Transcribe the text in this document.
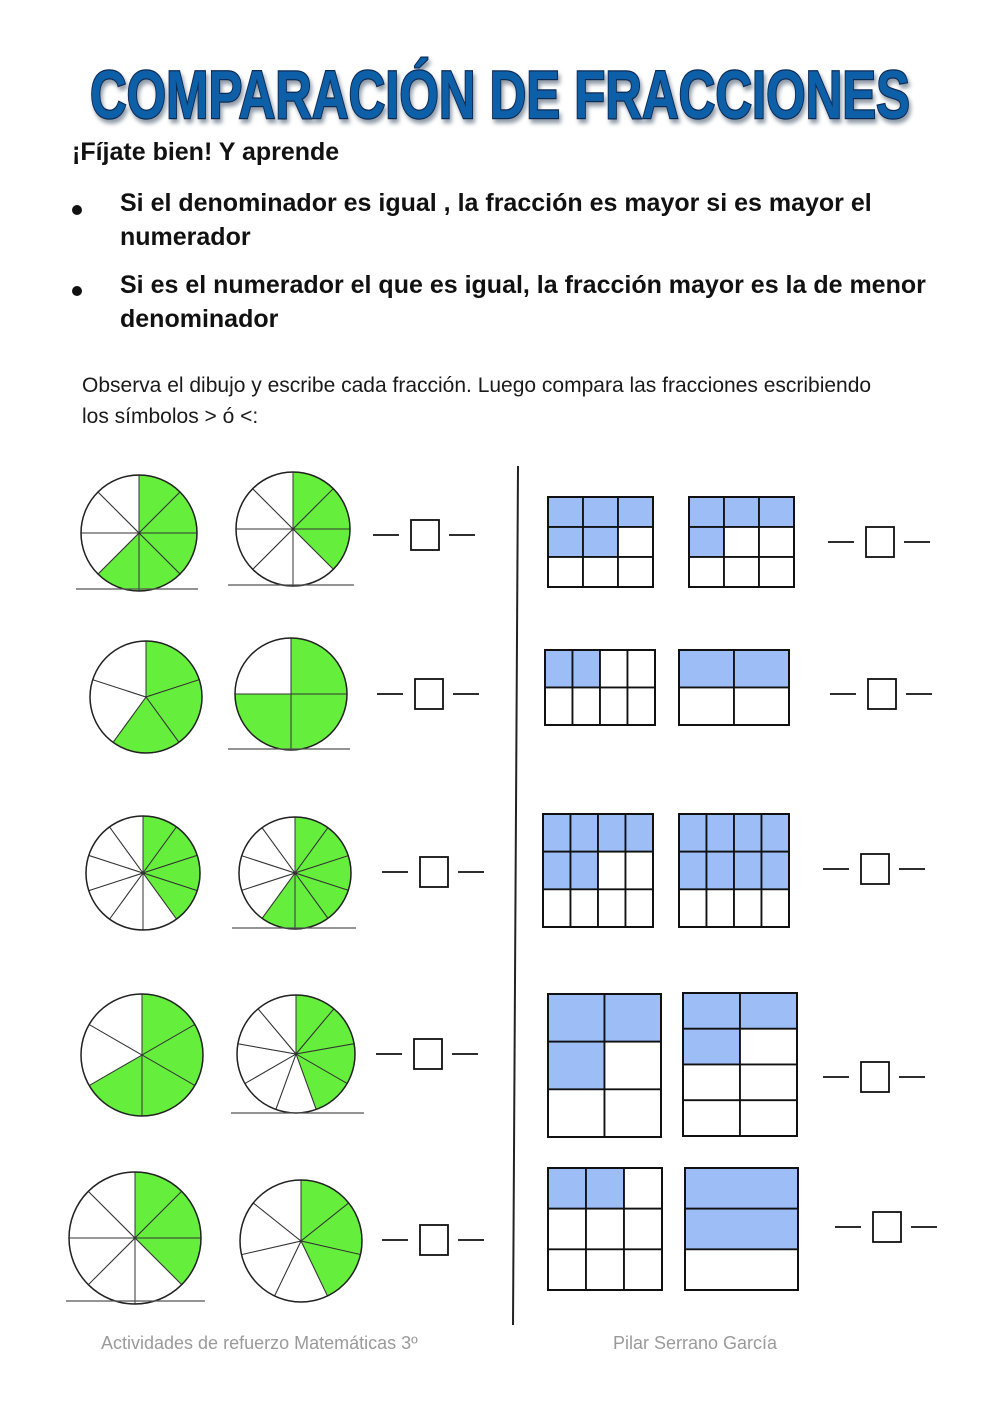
COMPARACIÓN DE FRACCIONES

¡Fíjate bien! Y aprende

Si el denominador es igual , la fracción es mayor si es mayor el numerador

Si es el numerador el que es igual, la fracción mayor es la de menor denominador

Observa el dibujo y escribe cada fracción. Luego compara las fracciones escribiendo los símbolos > ó <:

Actividades de refuerzo Matemáticas 3º	Pilar Serrano García
